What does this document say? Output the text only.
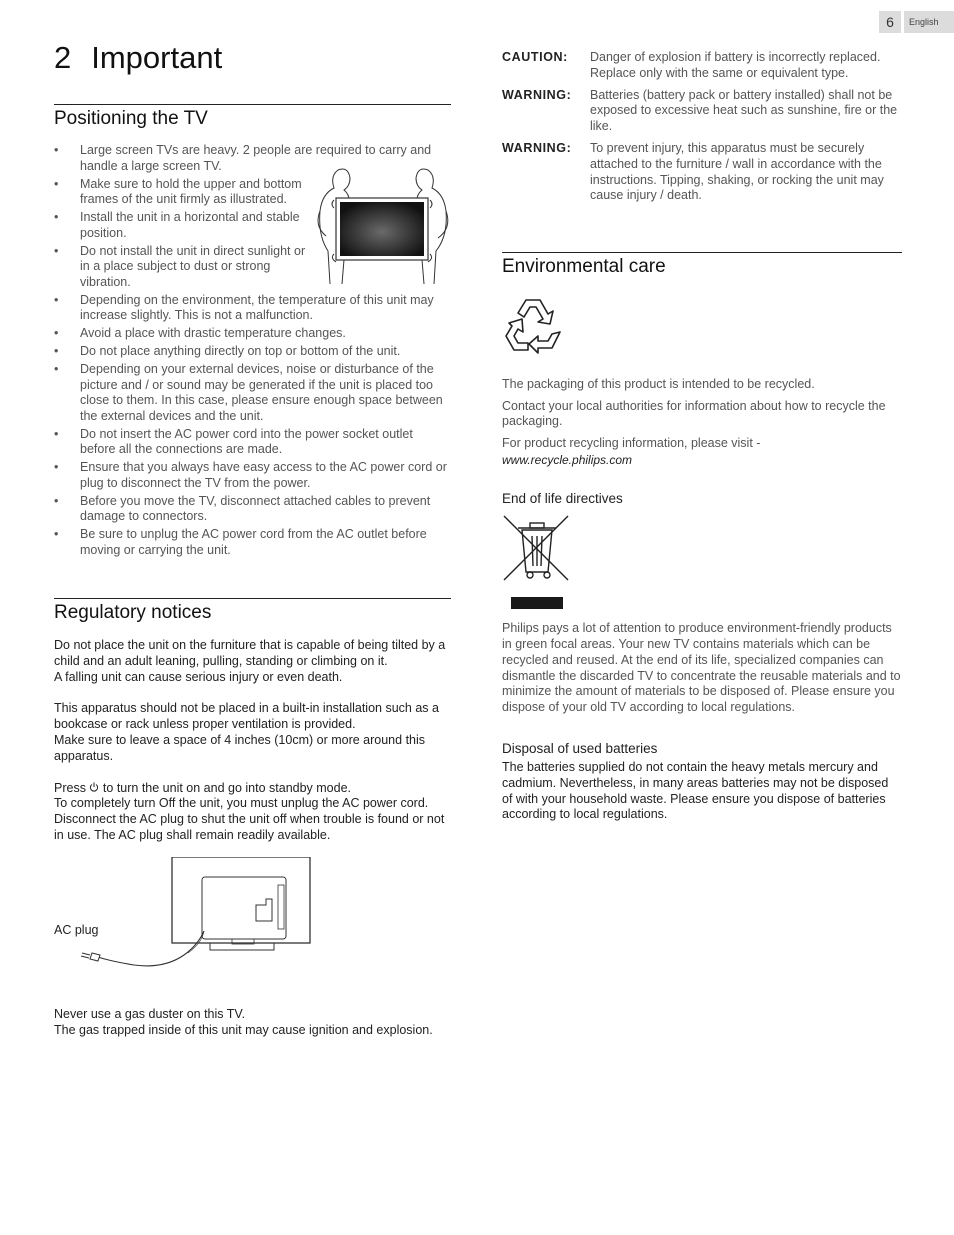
6	English
2 Important
Positioning the TV
• Large screen TVs are heavy. 2 people are required to carry and handle a large screen TV.
• Make sure to hold the upper and bottom frames of the unit firmly as illustrated.
• Install the unit in a horizontal and stable position.
• Do not install the unit in direct sunlight or in a place subject to dust or strong vibration.
• Depending on the environment, the temperature of this unit may increase slightly. This is not a malfunction.
• Avoid a place with drastic temperature changes.
• Do not place anything directly on top or bottom of the unit.
• Depending on your external devices, noise or disturbance of the picture and / or sound may be generated if the unit is placed too close to them. In this case, please ensure enough space between the external devices and the unit.
• Do not insert the AC power cord into the power socket outlet before all the connections are made.
• Ensure that you always have easy access to the AC power cord or plug to disconnect the TV from the power.
• Before you move the TV, disconnect attached cables to prevent damage to connectors.
• Be sure to unplug the AC power cord from the AC outlet before moving or carrying the unit.
Regulatory notices

Do not place the unit on the furniture that is capable of being tilted by a child and an adult leaning, pulling, standing or climbing on it.

A falling unit can cause serious injury or even death.

This apparatus should not be placed in a built-in installation such as a bookcase or rack unless proper ventilation is provided.

Make sure to leave a space of 4 inches (10cm) or more around this apparatus.

Press to turn the unit on and go into standby mode.

To completely turn Off the unit, you must unplug the AC power cord.

Disconnect the AC plug to shut the unit off when trouble is found or not in use. The AC plug shall remain readily available.

AC plug

Never use a gas duster on this TV.

The gas trapped inside of this unit may cause ignition and explosion.

CAUTION:	Danger of explosion if battery is incorrectly replaced. Replace only with the same or equivalent type.
WARNING:	Batteries (battery pack or battery installed) shall not be exposed to excessive heat such as sunshine, fire or the like.
WARNING:	To prevent injury, this apparatus must be securely attached to the furniture / wall in accordance with the instructions. Tipping, shaking, or rocking the unit may cause injury / death.
Environmental care

The packaging of this product is intended to be recycled.

Contact your local authorities for information about how to recycle the packaging.

For product recycling information, please visit -

www.recycle.philips.com
End of life directives

Philips pays a lot of attention to produce environment-friendly products in green focal areas. Your new TV contains materials which can be recycled and reused. At the end of its life, specialized companies can dismantle the discarded TV to concentrate the reusable materials and to minimize the amount of materials to be disposed of. Please ensure you dispose of your old TV according to local regulations.

Disposal of used batteries

The batteries supplied do not contain the heavy metals mercury and cadmium. Nevertheless, in many areas batteries may not be disposed of with your household waste. Please ensure you dispose of batteries according to local regulations.
